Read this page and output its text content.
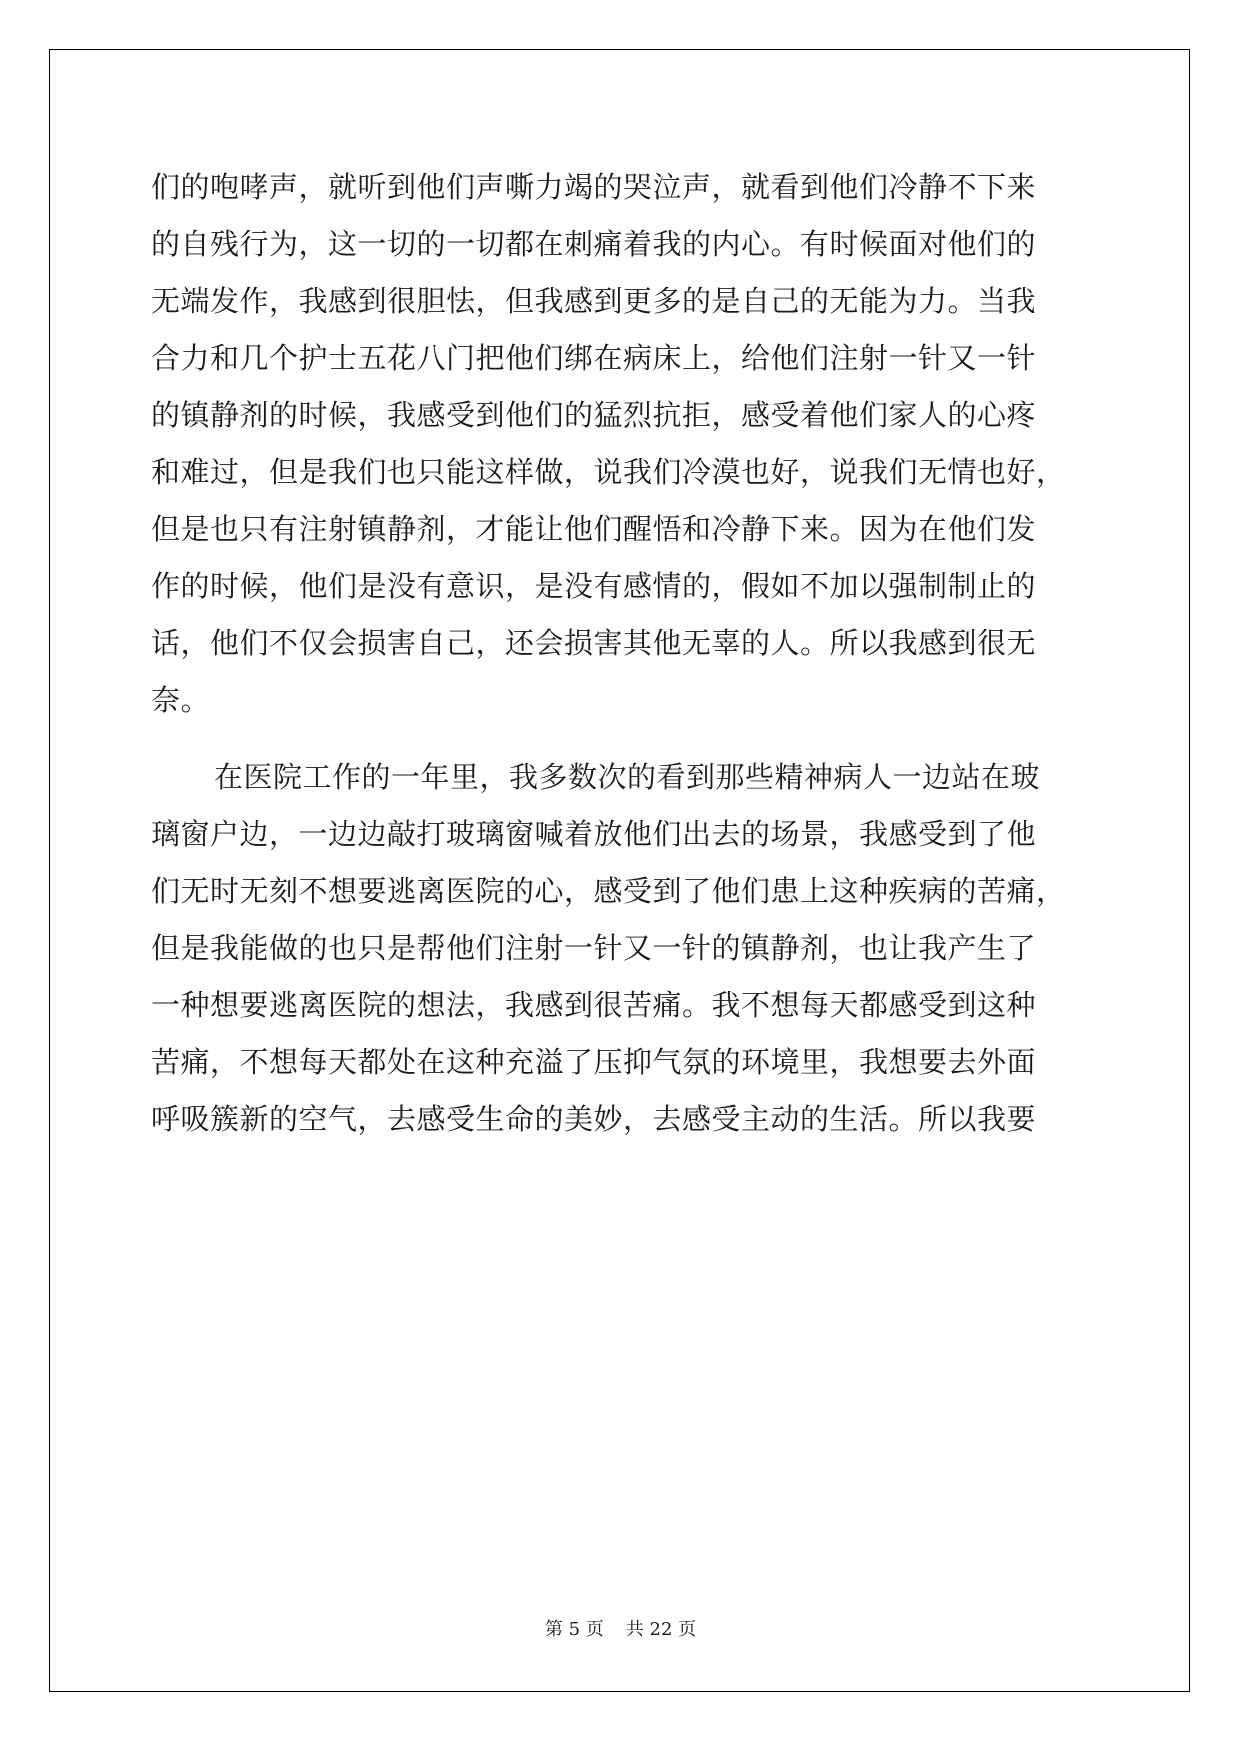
们的咆哮声，就听到他们声嘶力竭的哭泣声，就看到他们冷静不下来
的自残行为，这一切的一切都在刺痛着我的内心。有时候面对他们的
无端发作，我感到很胆怯，但我感到更多的是自己的无能为力。当我
合力和几个护士五花八门把他们绑在病床上，给他们注射一针又一针
的镇静剂的时候，我感受到他们的猛烈抗拒，感受着他们家人的心疼
和难过，但是我们也只能这样做，说我们冷漠也好，说我们无情也好，
但是也只有注射镇静剂，才能让他们醒悟和冷静下来。因为在他们发
作的时候，他们是没有意识，是没有感情的，假如不加以强制制止的
话，他们不仅会损害自己，还会损害其他无辜的人。所以我感到很无
奈。
在医院工作的一年里，我多数次的看到那些精神病人一边站在玻
璃窗户边，一边边敲打玻璃窗喊着放他们出去的场景，我感受到了他
们无时无刻不想要逃离医院的心，感受到了他们患上这种疾病的苦痛，
但是我能做的也只是帮他们注射一针又一针的镇静剂，也让我产生了
一种想要逃离医院的想法，我感到很苦痛。我不想每天都感受到这种
苦痛，不想每天都处在这种充溢了压抑气氛的环境里，我想要去外面
呼吸簇新的空气，去感受生命的美妙，去感受主动的生活。所以我要
第 5 页 共 22 页
